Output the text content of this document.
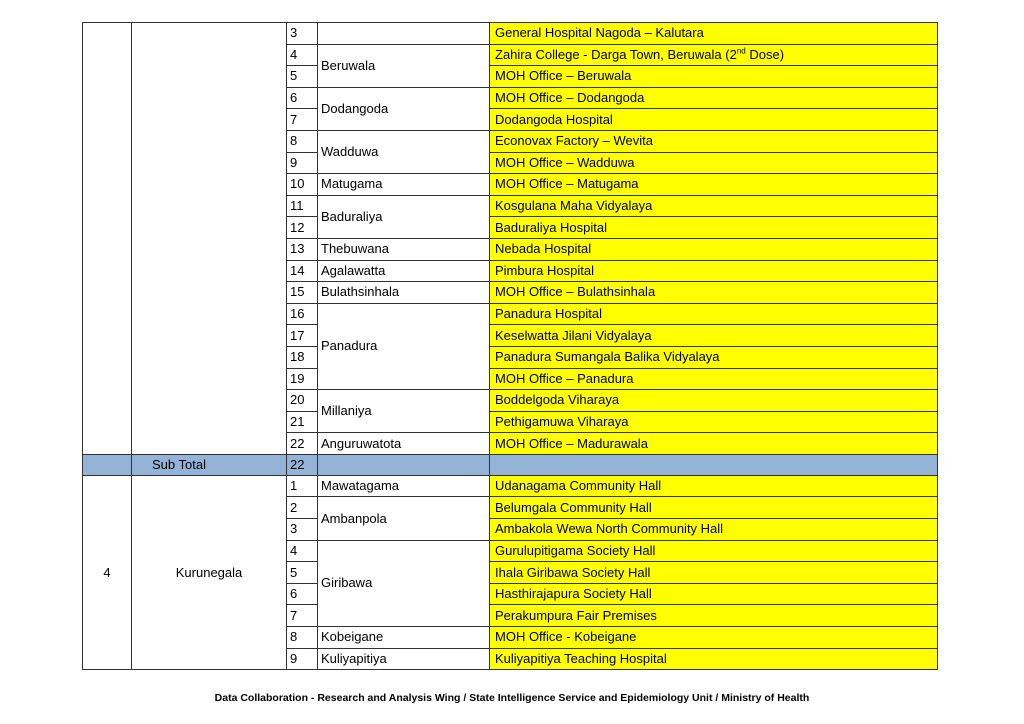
		3		General Hospital Nagoda – Kalutara
		4	Beruwala	Zahira College - Darga Town, Beruwala (2nd Dose)
		5		MOH Office – Beruwala
		6	Dodangoda	MOH Office – Dodangoda
		7		Dodangoda Hospital
		8	Wadduwa	Econovax Factory – Wevita
		9		MOH Office – Wadduwa
		10	Matugama	MOH Office – Matugama
		11	Baduraliya	Kosgulana Maha Vidyalaya
		12		Baduraliya Hospital
		13	Thebuwana	Nebada Hospital
		14	Agalawatta	Pimbura Hospital
		15	Bulathsinhala	MOH Office – Bulathsinhala
		16	Panadura	Panadura Hospital
		17		Keselwatta Jilani Vidyalaya
		18		Panadura Sumangala Balika Vidyalaya
		19		MOH Office – Panadura
		20	Millaniya	Boddelgoda Viharaya
		21		Pethigamuwa Viharaya
		22	Anguruwatota	MOH Office – Madurawala
	Sub Total	22		
4	Kurunegala	1	Mawatagama	Udanagama Community Hall
		2	Ambanpola	Belumgala Community Hall
		3		Ambakola Wewa North Community Hall
		4	Giribawa	Gurulupitigama Society Hall
		5		Ihala Giribawa Society Hall
		6		Hasthirajapura Society Hall
		7		Perakumpura Fair Premises
		8	Kobeigane	MOH Office - Kobeigane
		9	Kuliyapitiya	Kuliyapitiya Teaching Hospital
Data Collaboration - Research and Analysis Wing / State Intelligence Service and Epidemiology Unit / Ministry of Health
